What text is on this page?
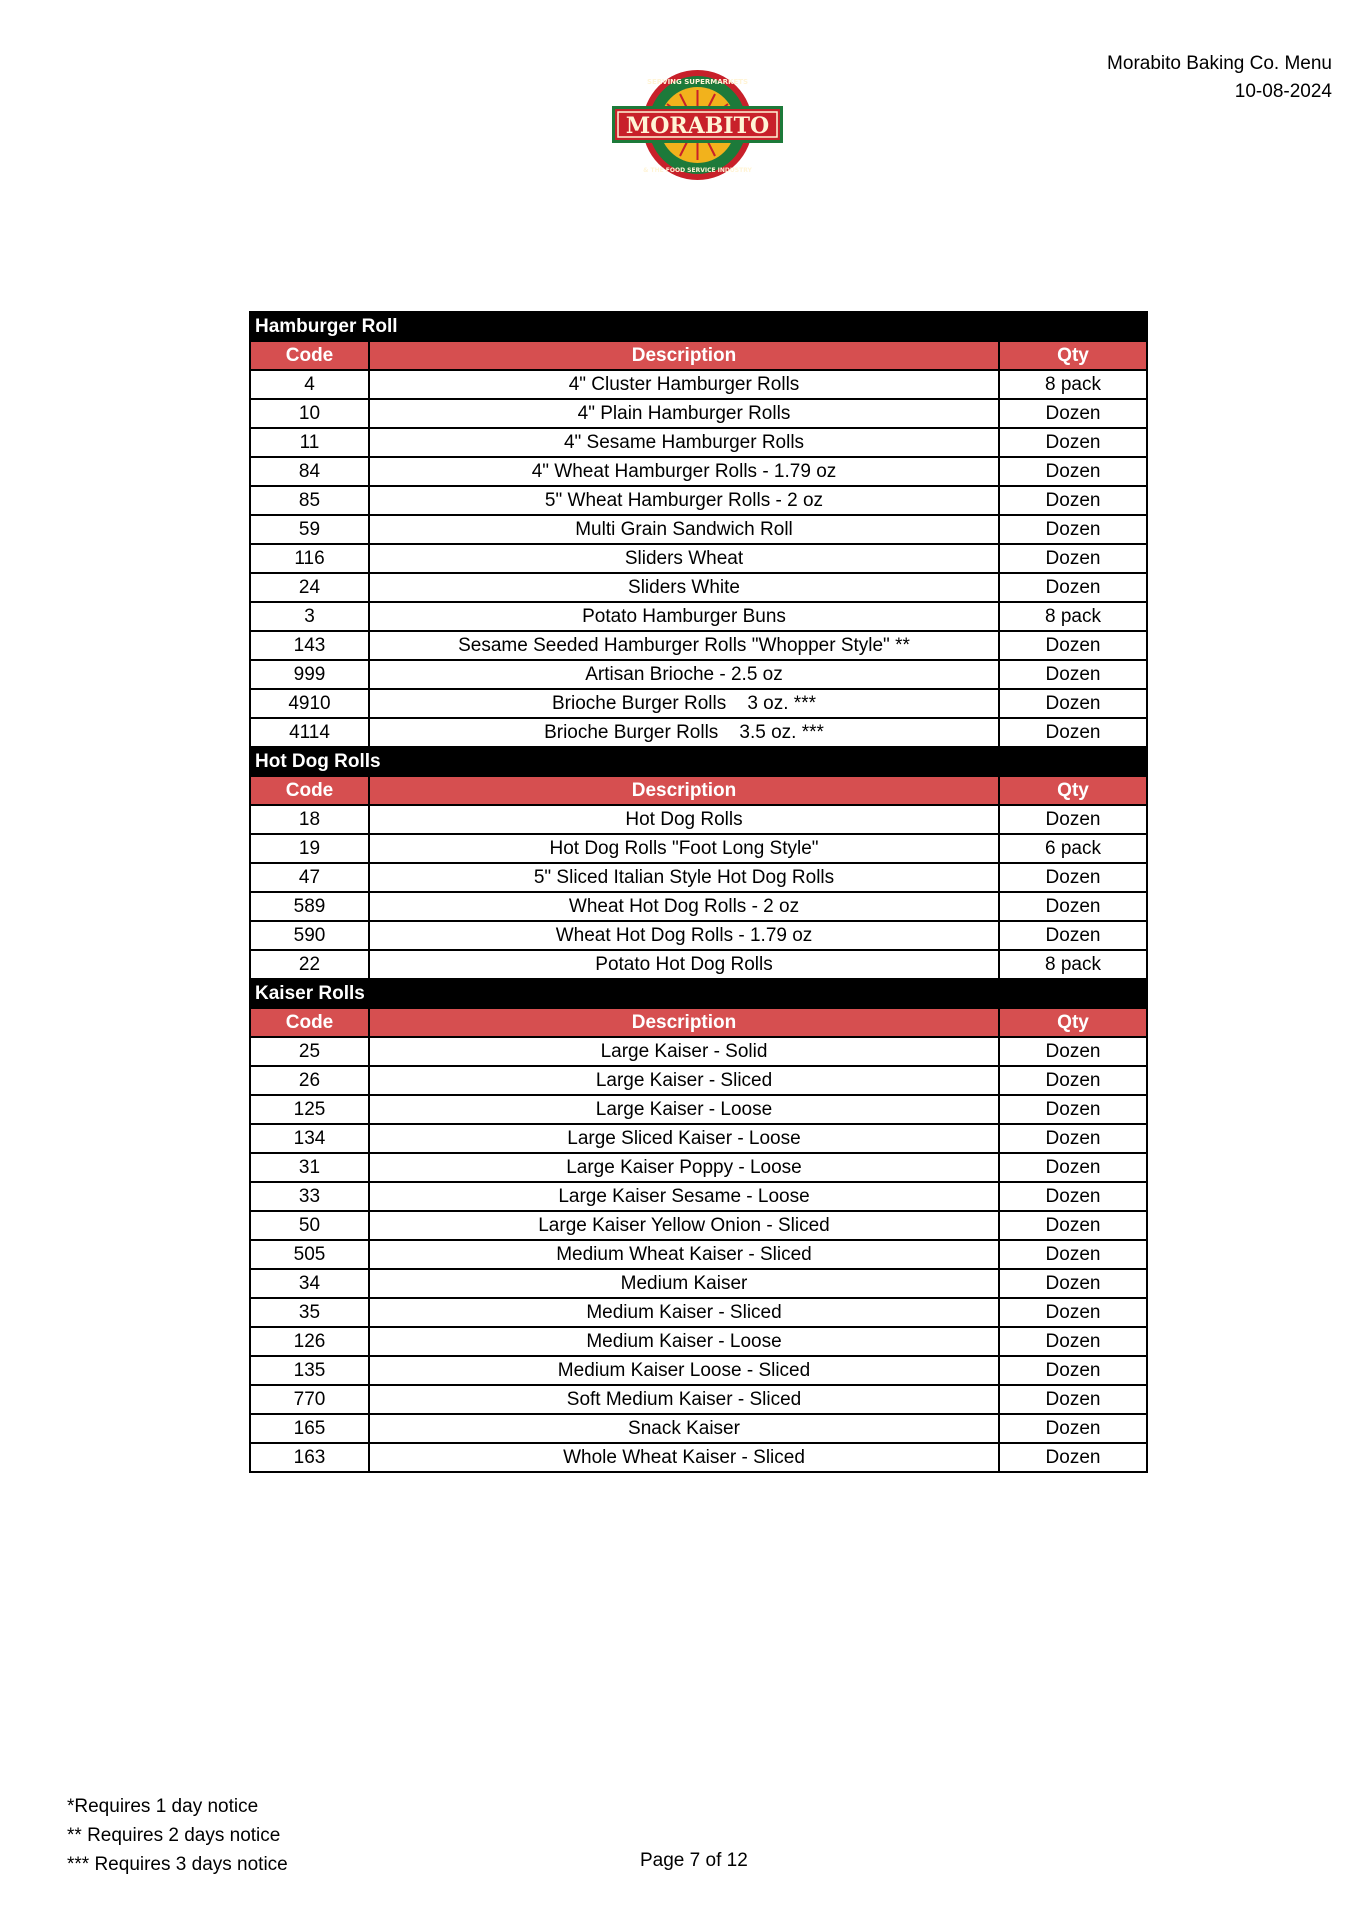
Morabito Baking Co. Menu
10-08-2024
MORABITO
SERVING SUPERMARKETS
& THE FOOD SERVICE INDUSTRY
Hamburger Roll		
Code	Description	Qty
4	4" Cluster Hamburger Rolls	8 pack
10	4" Plain Hamburger Rolls	Dozen
11	4" Sesame Hamburger Rolls	Dozen
84	4" Wheat Hamburger Rolls - 1.79 oz	Dozen
85	5" Wheat Hamburger Rolls - 2 oz	Dozen
59	Multi Grain Sandwich Roll	Dozen
116	Sliders Wheat	Dozen
24	Sliders White	Dozen
3	Potato Hamburger Buns	8 pack
143	Sesame Seeded Hamburger Rolls "Whopper Style" **	Dozen
999	Artisan Brioche - 2.5 oz	Dozen
4910	Brioche Burger Rolls    3 oz. ***	Dozen
4114	Brioche Burger Rolls    3.5 oz. ***	Dozen
Hot Dog Rolls		
Code	Description	Qty
18	Hot Dog Rolls	Dozen
19	Hot Dog Rolls "Foot Long Style"	6 pack
47	5" Sliced Italian Style Hot Dog Rolls	Dozen
589	Wheat Hot Dog Rolls - 2 oz	Dozen
590	Wheat Hot Dog Rolls - 1.79 oz	Dozen
22	Potato Hot Dog Rolls	8 pack
Kaiser Rolls		
Code	Description	Qty
25	Large Kaiser - Solid	Dozen
26	Large Kaiser - Sliced	Dozen
125	Large Kaiser - Loose	Dozen
134	Large Sliced Kaiser - Loose	Dozen
31	Large Kaiser Poppy - Loose	Dozen
33	Large Kaiser Sesame - Loose	Dozen
50	Large Kaiser Yellow Onion - Sliced	Dozen
505	Medium Wheat Kaiser - Sliced	Dozen
34	Medium Kaiser	Dozen
35	Medium Kaiser - Sliced	Dozen
126	Medium Kaiser - Loose	Dozen
135	Medium Kaiser Loose - Sliced	Dozen
770	Soft Medium Kaiser - Sliced	Dozen
165	Snack Kaiser	Dozen
163	Whole Wheat Kaiser - Sliced	Dozen
*Requires 1 day notice
** Requires 2 days notice
*** Requires 3 days notice	Page 7 of 12
